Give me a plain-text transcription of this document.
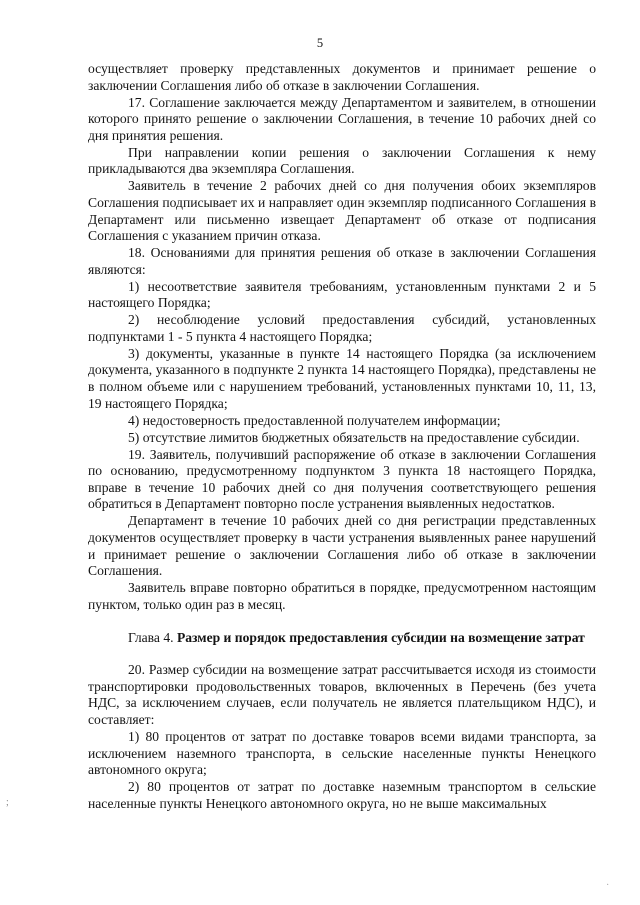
5

осуществляет проверку представленных документов и принимает решение о заключении Соглашения либо об отказе в заключении Соглашения.

17. Соглашение заключается между Департаментом и заявителем, в отношении которого принято решение о заключении Соглашения, в течение 10 рабочих дней со дня принятия решения.

При направлении копии решения о заключении Соглашения к нему прикладываются два экземпляра Соглашения.

Заявитель в течение 2 рабочих дней со дня получения обоих экземпляров Соглашения подписывает их и направляет один экземпляр подписанного Соглашения в Департамент или письменно извещает Департамент об отказе от подписания Соглашения с указанием причин отказа.

18. Основаниями для принятия решения об отказе в заключении Соглашения являются:

1) несоответствие заявителя требованиям, установленным пунктами 2 и 5 настоящего Порядка;

2) несоблюдение условий предоставления субсидий, установленных подпунктами 1 - 5 пункта 4 настоящего Порядка;

3) документы, указанные в пункте 14 настоящего Порядка (за исключением документа, указанного в подпункте 2 пункта 14 настоящего Порядка), представлены не в полном объеме или с нарушением требований, установленных пунктами 10, 11, 13, 19 настоящего Порядка;

4) недостоверность предоставленной получателем информации;

5) отсутствие лимитов бюджетных обязательств на предоставление субсидии.

19. Заявитель, получивший распоряжение об отказе в заключении Соглашения по основанию, предусмотренному подпунктом 3 пункта 18 настоящего Порядка, вправе в течение 10 рабочих дней со дня получения соответствующего решения обратиться в Департамент повторно после устранения выявленных недостатков.

Департамент в течение 10 рабочих дней со дня регистрации представленных документов осуществляет проверку в части устранения выявленных ранее нарушений и принимает решение о заключении Соглашения либо об отказе в заключении Соглашения.

Заявитель вправе повторно обратиться в порядке, предусмотренном настоящим пунктом, только один раз в месяц.

Глава 4. Размер и порядок предоставления субсидии на возмещение затрат

20. Размер субсидии на возмещение затрат рассчитывается исходя из стоимости транспортировки продовольственных товаров, включенных в Перечень (без учета НДС, за исключением случаев, если получатель не является плательщиком НДС), и составляет:

1) 80 процентов от затрат по доставке товаров всеми видами транспорта, за исключением наземного транспорта, в сельские населенные пункты Ненецкого автономного округа;

2) 80 процентов от затрат по доставке наземным транспортом в сельские населенные пункты Ненецкого автономного округа, но не выше максимальных

;
·
